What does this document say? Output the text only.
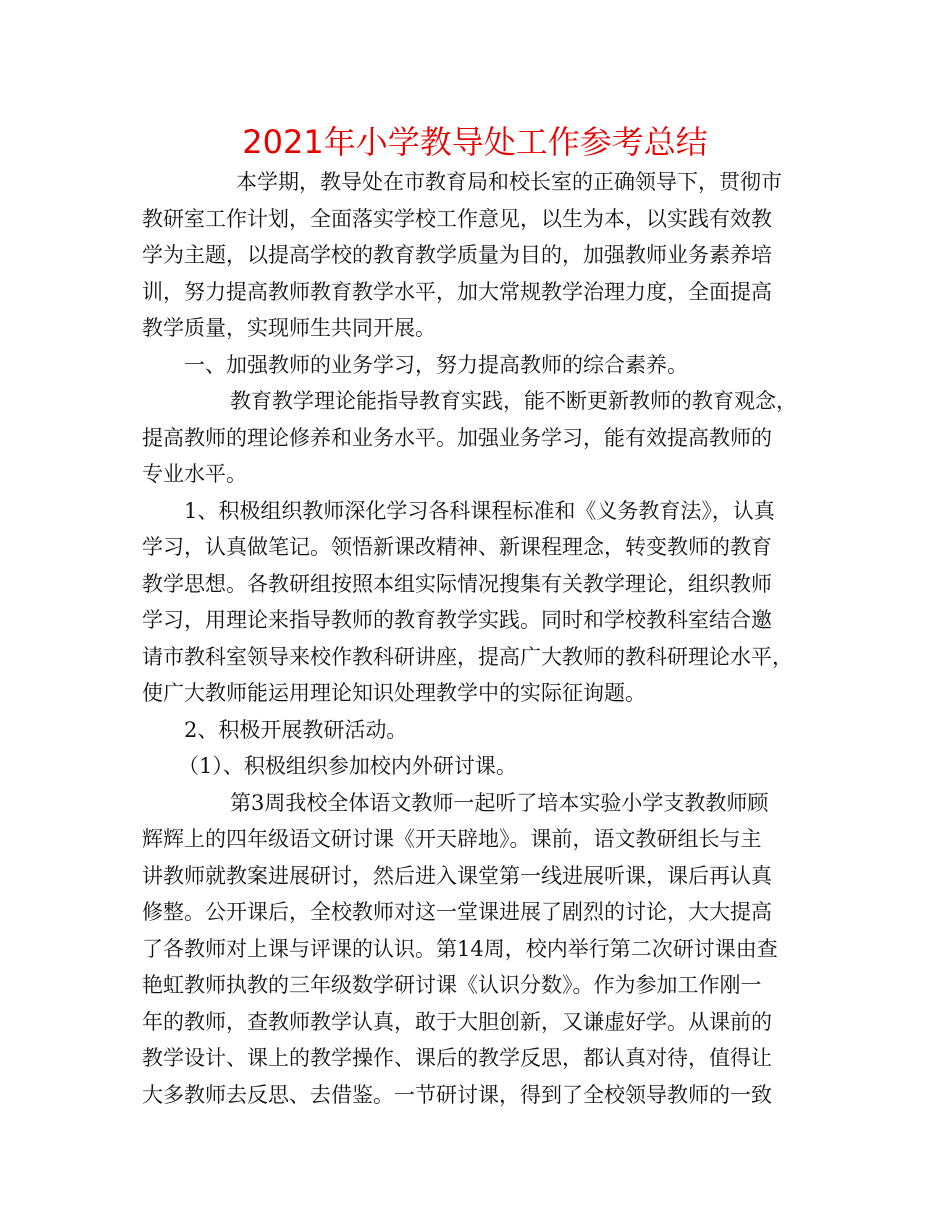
2021年小学教导处工作参考总结
本学期，教导处在市教育局和校长室的正确领导下，贯彻市
教研室工作计划，全面落实学校工作意见，以生为本，以实践有效教
学为主题，以提高学校的教育教学质量为目的，加强教师业务素养培
训，努力提高教师教育教学水平，加大常规教学治理力度，全面提高
教学质量，实现师生共同开展。
一、加强教师的业务学习，努力提高教师的综合素养。
教育教学理论能指导教育实践，能不断更新教师的教育观念，
提高教师的理论修养和业务水平。加强业务学习，能有效提高教师的
专业水平。
1、积极组织教师深化学习各科课程标准和《义务教育法》，认真
学习，认真做笔记。领悟新课改精神、新课程理念，转变教师的教育
教学思想。各教研组按照本组实际情况搜集有关教学理论，组织教师
学习，用理论来指导教师的教育教学实践。同时和学校教科室结合邀
请市教科室领导来校作教科研讲座，提高广大教师的教科研理论水平，
使广大教师能运用理论知识处理教学中的实际征询题。
2、积极开展教研活动。
（1）、积极组织参加校内外研讨课。
第3周我校全体语文教师一起听了培本实验小学支教教师顾
辉辉上的四年级语文研讨课《开天辟地》。课前，语文教研组长与主
讲教师就教案进展研讨，然后进入课堂第一线进展听课，课后再认真
修整。公开课后，全校教师对这一堂课进展了剧烈的讨论，大大提高
了各教师对上课与评课的认识。第14周，校内举行第二次研讨课由查
艳虹教师执教的三年级数学研讨课《认识分数》。作为参加工作刚一
年的教师，查教师教学认真，敢于大胆创新，又谦虚好学。从课前的
教学设计、课上的教学操作、课后的教学反思，都认真对待，值得让
大多教师去反思、去借鉴。一节研讨课，得到了全校领导教师的一致
